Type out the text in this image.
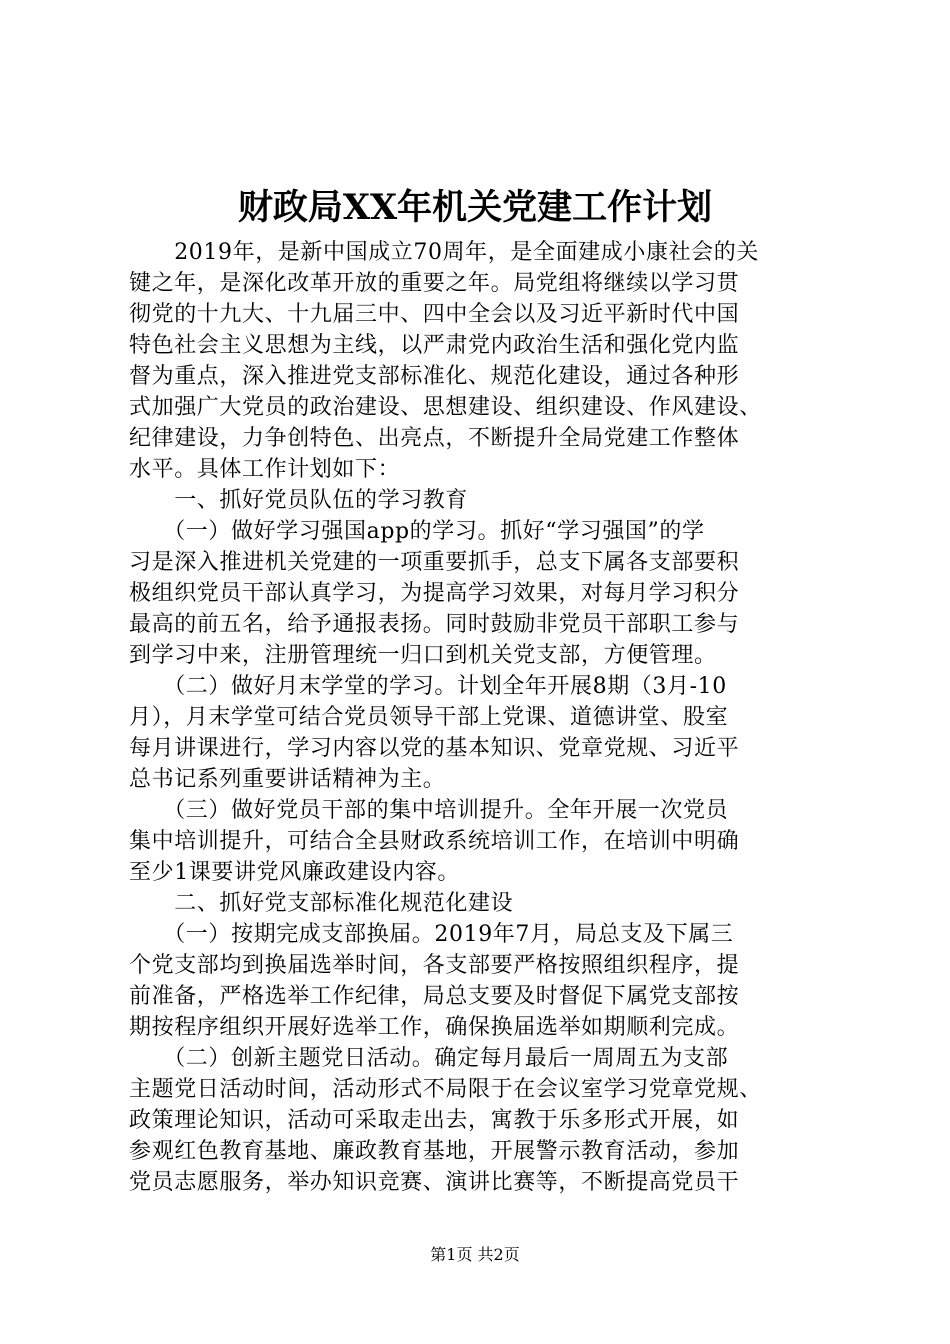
财政局XX年机关党建工作计划
　　2019年，是新中国成立70周年，是全面建成小康社会的关
键之年，是深化改革开放的重要之年。局党组将继续以学习贯
彻党的十九大、十九届三中、四中全会以及习近平新时代中国
特色社会主义思想为主线，以严肃党内政治生活和强化党内监
督为重点，深入推进党支部标准化、规范化建设，通过各种形
式加强广大党员的政治建设、思想建设、组织建设、作风建设、
纪律建设，力争创特色、出亮点，不断提升全局党建工作整体
水平。具体工作计划如下：
　　一、抓好党员队伍的学习教育
　　（一）做好学习强国app的学习。抓好“学习强国”的学
习是深入推进机关党建的一项重要抓手，总支下属各支部要积
极组织党员干部认真学习，为提高学习效果，对每月学习积分
最高的前五名，给予通报表扬。同时鼓励非党员干部职工参与
到学习中来，注册管理统一归口到机关党支部，方便管理。
　　（二）做好月末学堂的学习。计划全年开展8期（3月-10
月），月末学堂可结合党员领导干部上党课、道德讲堂、股室
每月讲课进行，学习内容以党的基本知识、党章党规、习近平
总书记系列重要讲话精神为主。
　　（三）做好党员干部的集中培训提升。全年开展一次党员
集中培训提升，可结合全县财政系统培训工作，在培训中明确
至少1课要讲党风廉政建设内容。
　　二、抓好党支部标准化规范化建设
　　（一）按期完成支部换届。2019年7月，局总支及下属三
个党支部均到换届选举时间，各支部要严格按照组织程序，提
前准备，严格选举工作纪律，局总支要及时督促下属党支部按
期按程序组织开展好选举工作，确保换届选举如期顺利完成。
　　（二）创新主题党日活动。确定每月最后一周周五为支部
主题党日活动时间，活动形式不局限于在会议室学习党章党规、
政策理论知识，活动可采取走出去，寓教于乐多形式开展，如
参观红色教育基地、廉政教育基地，开展警示教育活动，参加
党员志愿服务，举办知识竞赛、演讲比赛等，不断提高党员干
第1页 共2页
